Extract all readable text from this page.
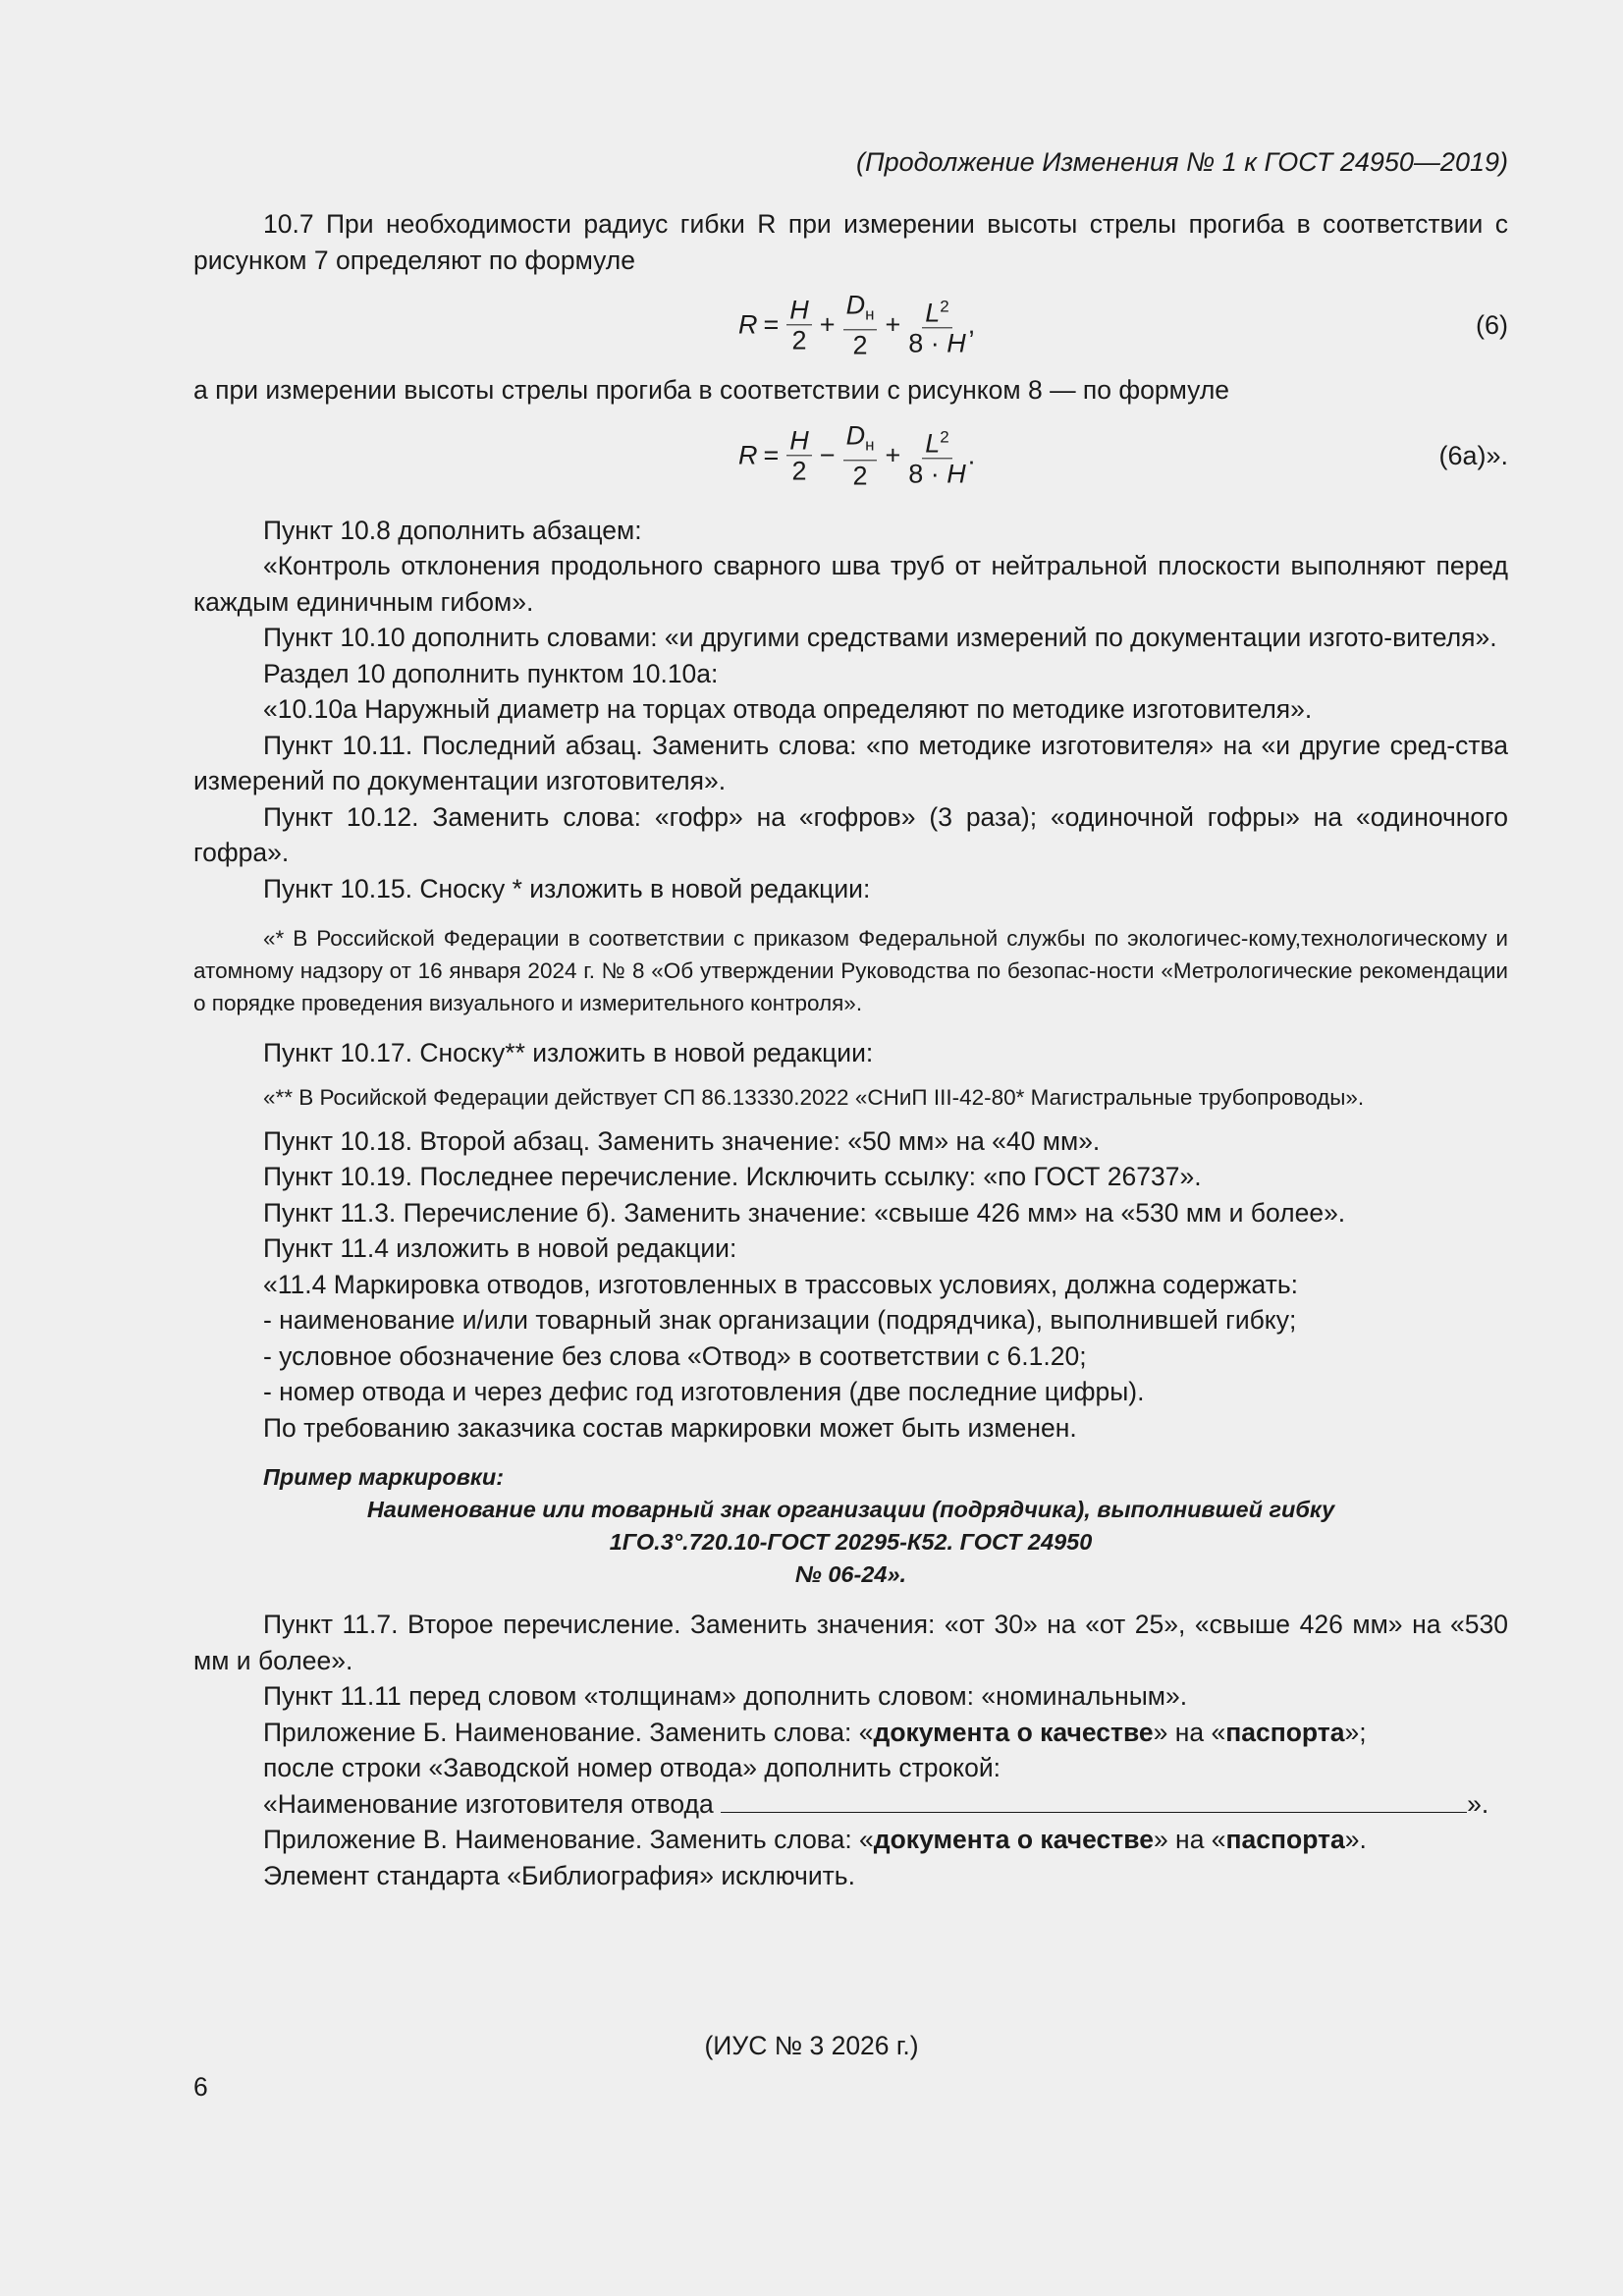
(Продолжение Изменения № 1 к ГОСТ 24950—2019)

10.7 При необходимости радиус гибки R при измерении высоты стрелы прогиба в соответствии с рисунком 7 определяют по формуле

$R = \frac{H}{2} + \frac{D_н}{2} + \frac{L^2}{8 \cdot H}$ ,	(6)

а при измерении высоты стрелы прогиба в соответствии с рисунком 8 — по формуле

$R = \frac{H}{2} - \frac{D_н}{2} + \frac{L^2}{8 \cdot H}$ .	(6а)».

Пункт 10.8 дополнить абзацем:

«Контроль отклонения продольного сварного шва труб от нейтральной плоскости выполняют перед каждым единичным гибом».

Пункт 10.10 дополнить словами: «и другими средствами измерений по документации изгото-вителя».

Раздел 10 дополнить пунктом 10.10а:

«10.10а Наружный диаметр на торцах отвода определяют по методике изготовителя».

Пункт 10.11. Последний абзац. Заменить слова: «по методике изготовителя» на «и другие сред-ства измерений по документации изготовителя».

Пункт 10.12. Заменить слова: «гофр» на «гофров» (3 раза); «одиночной гофры» на «одиночного гофра».

Пункт 10.15. Сноску * изложить в новой редакции:

«* В Российской Федерации в соответствии с приказом Федеральной службы по экологичес-кому,технологическому и атомному надзору от 16 января 2024 г. № 8 «Об утверждении Руководства по безопас-ности «Метрологические рекомендации о порядке проведения визуального и измерительного контроля».

Пункт 10.17. Сноску** изложить в новой редакции:

«** В Росийской Федерации действует СП 86.13330.2022 «СНиП III-42-80* Магистральные трубопроводы».

Пункт 10.18. Второй абзац. Заменить значение: «50 мм» на «40 мм».

Пункт 10.19. Последнее перечисление. Исключить ссылку: «по ГОСТ 26737».

Пункт 11.3. Перечисление б). Заменить значение: «свыше 426 мм» на «530 мм и более».

Пункт 11.4 изложить в новой редакции:

«11.4 Маркировка отводов, изготовленных в трассовых условиях, должна содержать:

- наименование и/или товарный знак организации (подрядчика), выполнившей гибку;

- условное обозначение без слова «Отвод» в соответствии с 6.1.20;

- номер отвода и через дефис год изготовления (две последние цифры).

По требованию заказчика состав маркировки может быть изменен.

Пример маркировки:
Наименование или товарный знак организации (подрядчика), выполнившей гибку
1ГО.3°.720.10-ГОСТ 20295-К52. ГОСТ 24950
№ 06-24».

Пункт 11.7. Второе перечисление. Заменить значения: «от 30» на «от 25», «свыше 426 мм» на «530 мм и более».

Пункт 11.11 перед словом «толщинам» дополнить словом: «номинальным».

Приложение Б. Наименование. Заменить слова: «документа о качестве» на «паспорта»;

после строки «Заводской номер отвода» дополнить строкой:

«Наименование изготовителя отвода	».

Приложение В. Наименование. Заменить слова: «документа о качестве» на «паспорта».

Элемент стандарта «Библиография» исключить.

(ИУС № 3 2026 г.)
6
